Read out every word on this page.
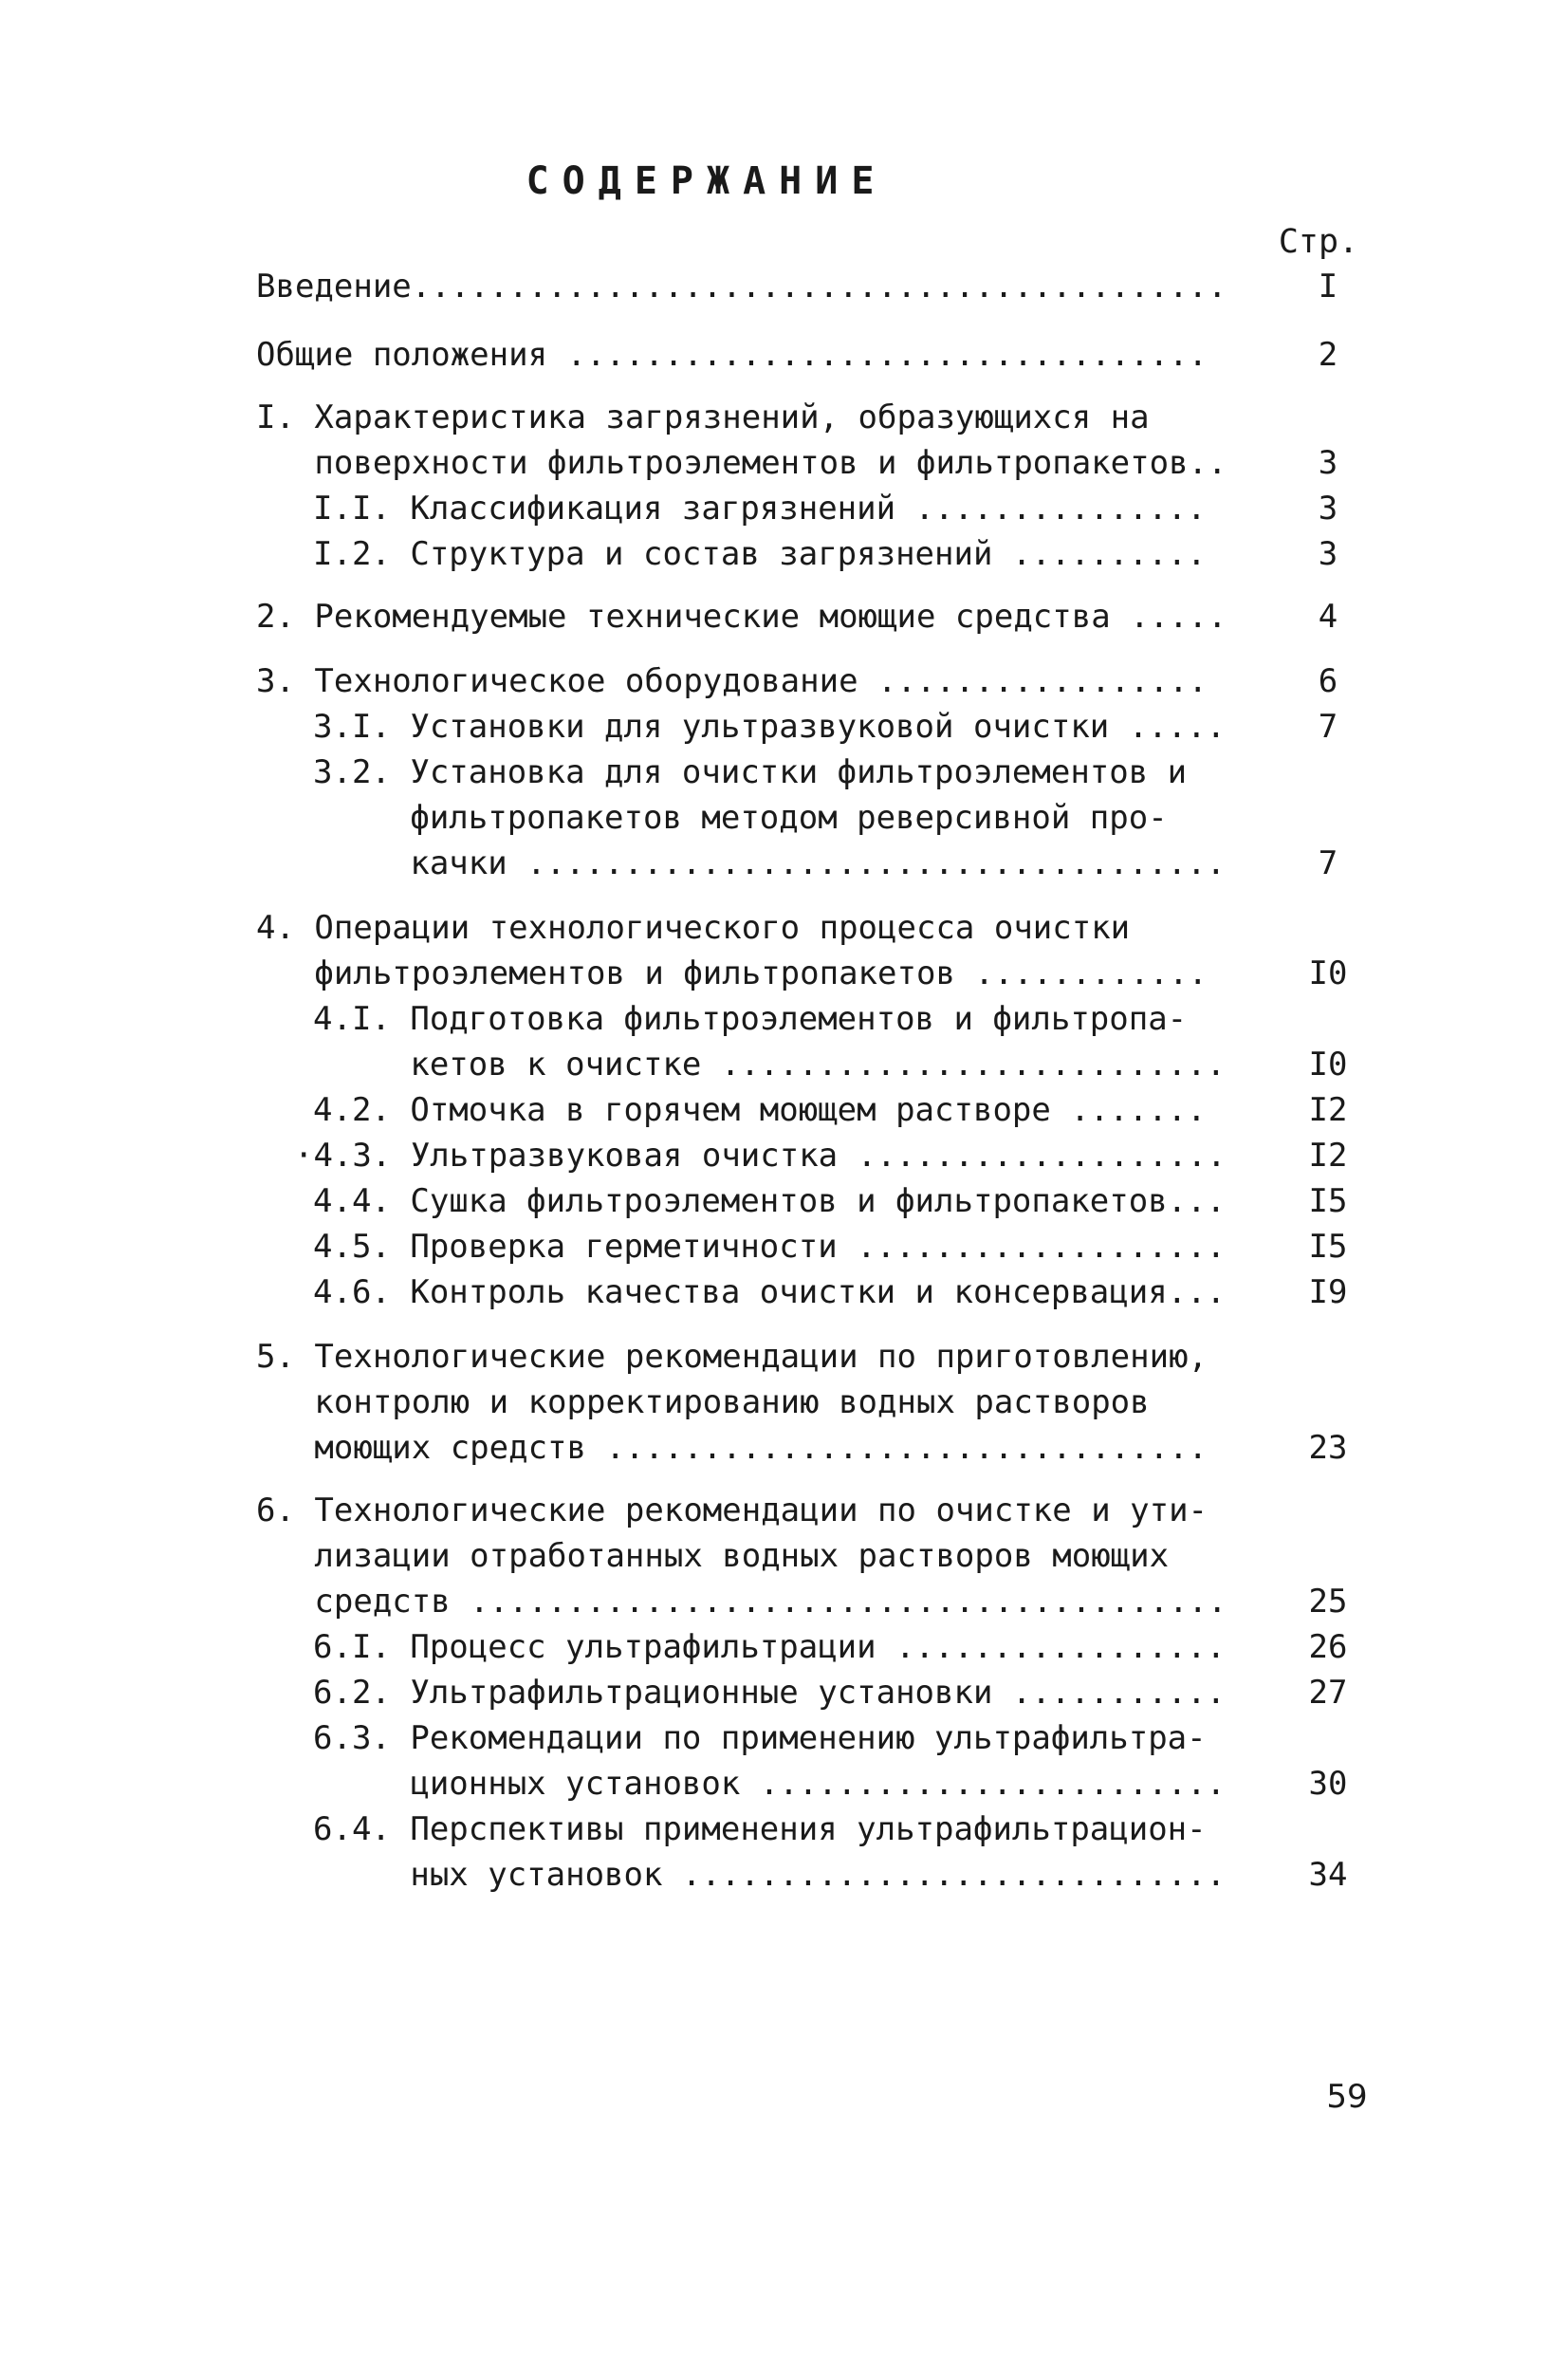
СОДЕРЖАНИЕ
Стр.
Введение..........................................	I
Общие положения .................................	2
I. Характеристика загрязнений, образующихся на
поверхности фильтроэлементов и фильтропакетов..	3
I.I. Классификация загрязнений ...............	3
I.2. Структура и состав загрязнений ..........	3
2. Рекомендуемые технические моющие средства .....	4
3. Технологическое оборудование .................	6
3.I. Установки для ультразвуковой очистки .....	7
3.2. Установка для очистки фильтроэлементов и
фильтропакетов методом реверсивной про-
качки ....................................	7
4. Операции технологического процесса очистки
фильтроэлементов и фильтропакетов ............	I0
4.I. Подготовка фильтроэлементов и фильтропа-
кетов к очистке ..........................	I0
4.2. Отмочка в горячем моющем растворе .......	I2
·4.3. Ультразвуковая очистка ...................	I2
4.4. Сушка фильтроэлементов и фильтропакетов...	I5
4.5. Проверка герметичности ...................	I5
4.6. Контроль качества очистки и консервация...	I9
5. Технологические рекомендации по приготовлению,
контролю и корректированию водных растворов
моющих средств ...............................	23
6. Технологические рекомендации по очистке и ути-
лизации отработанных водных растворов моющих
средств .......................................	25
6.I. Процесс ультрафильтрации .................	26
6.2. Ультрафильтрационные установки ...........	27
6.3. Рекомендации по применению ультрафильтра-
ционных установок ........................	30
6.4. Перспективы применения ультрафильтрацион-
ных установок ............................	34
59
